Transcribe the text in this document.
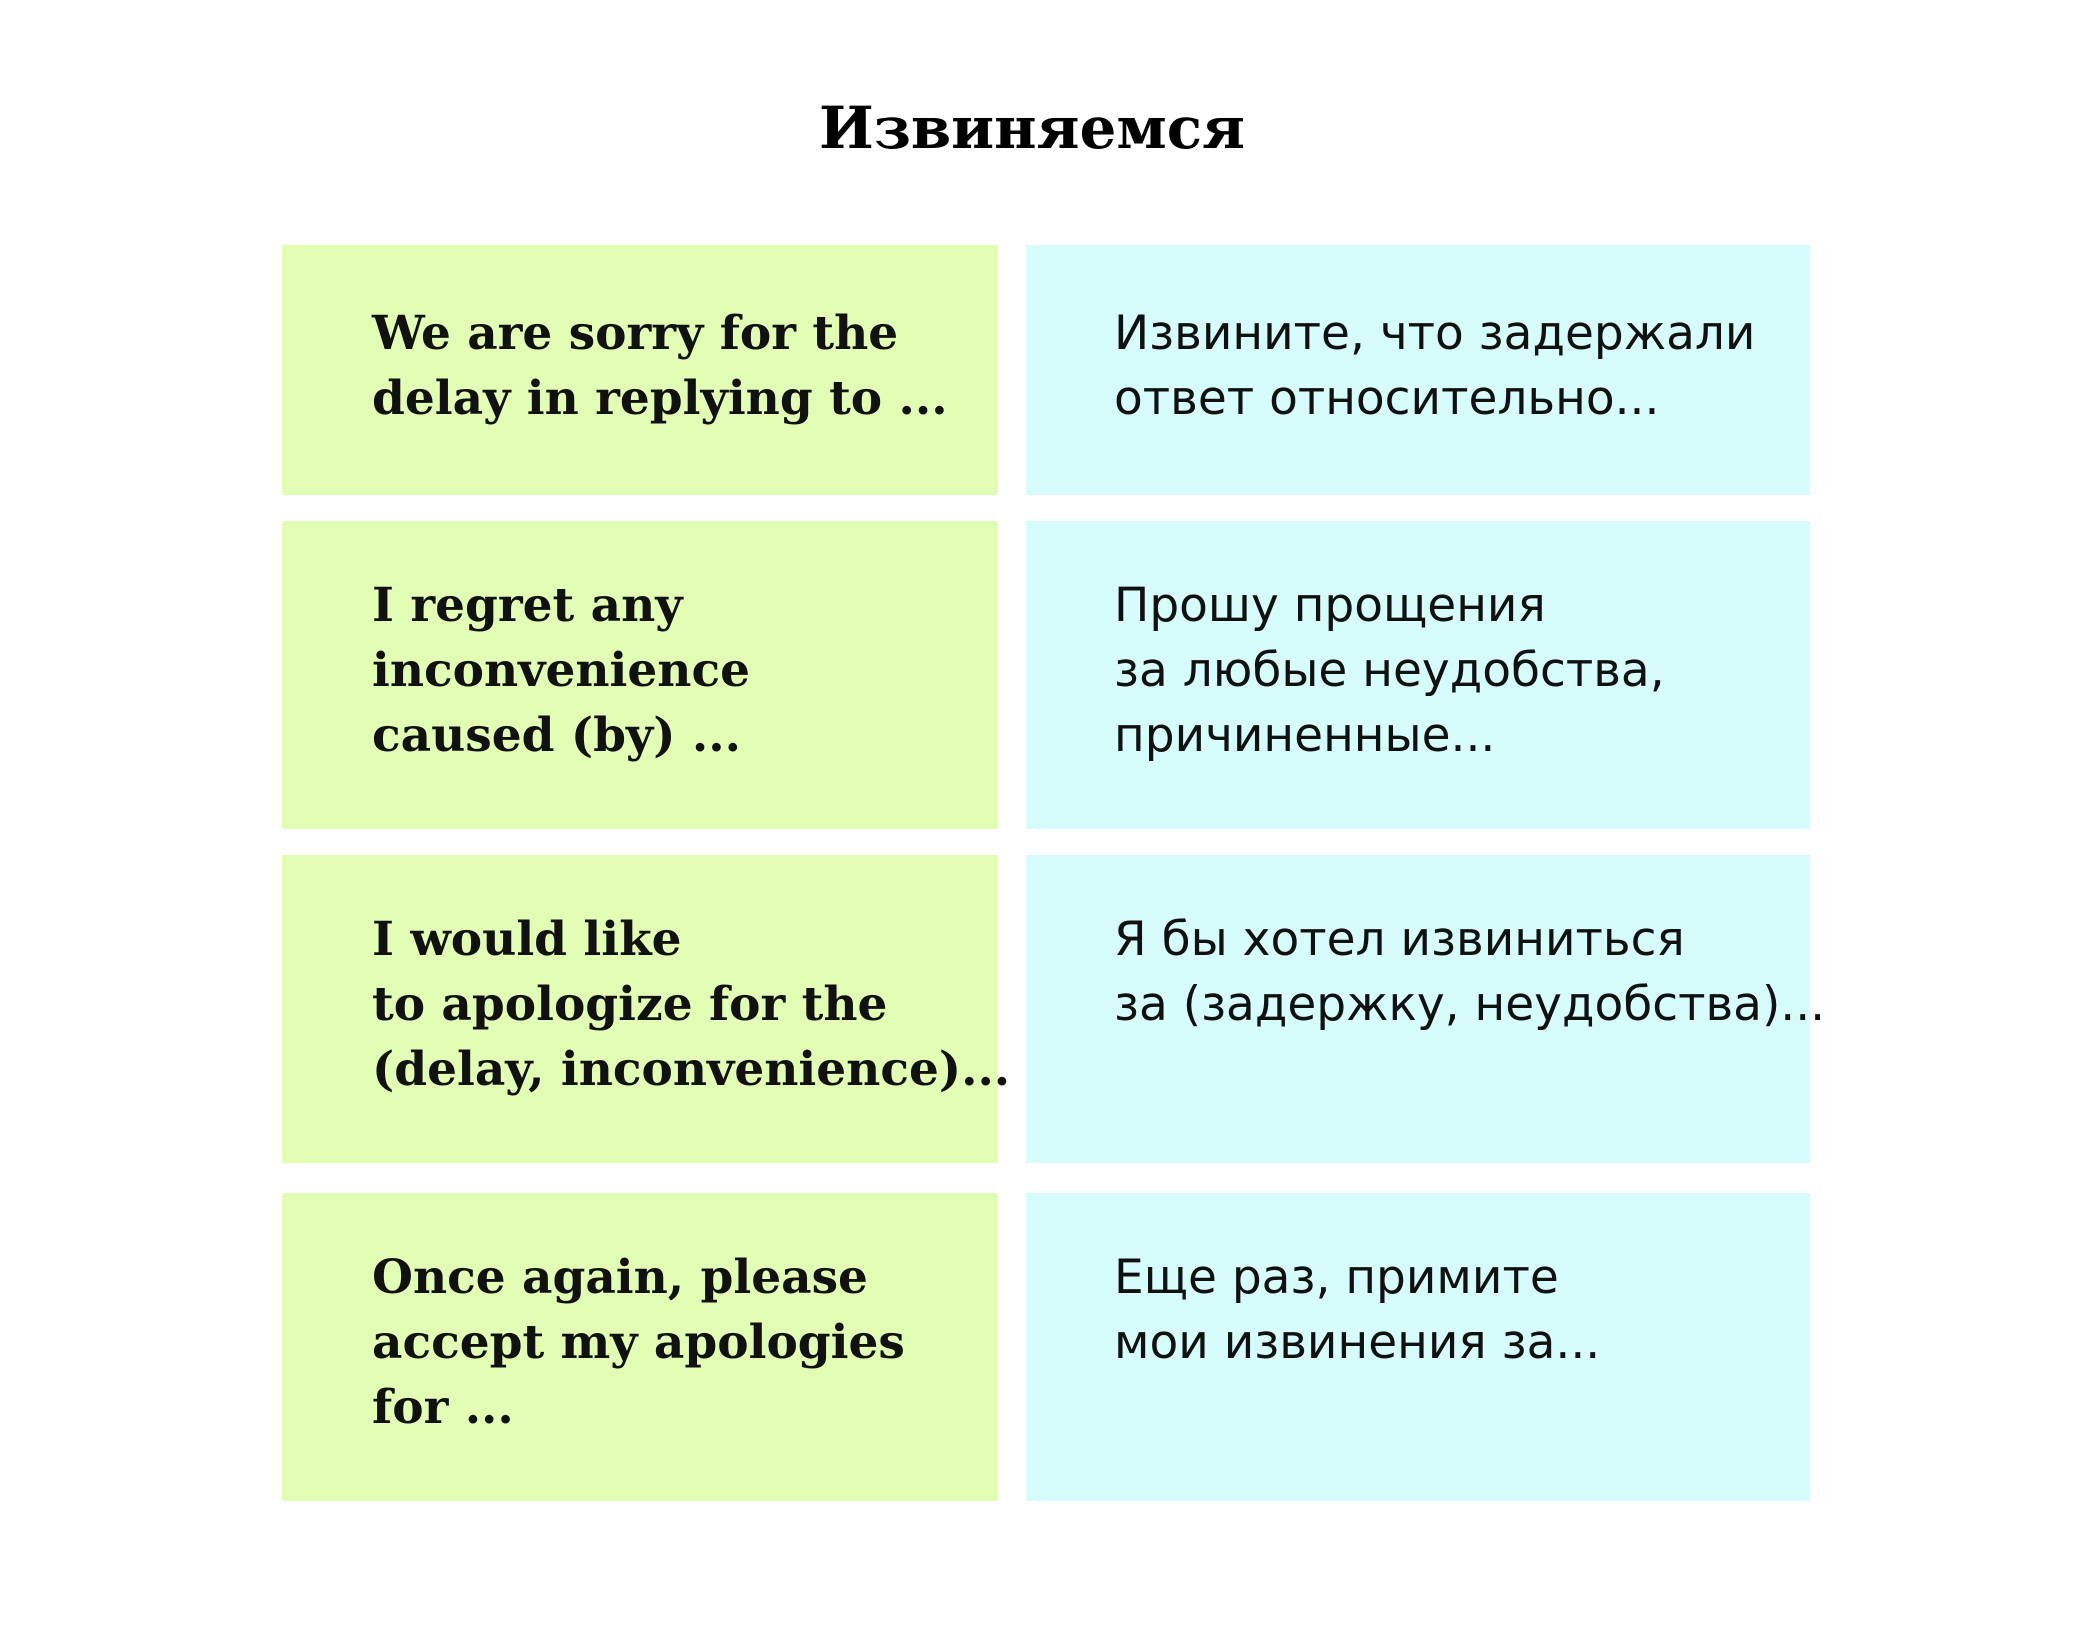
Извиняемся
We are sorry for the
delay in replying to ...
Извините, что задержали
ответ относительно...
I regret any
inconvenience
caused (by) ...
Прошу прощения
за любые неудобства,
причиненные...
I would like
to apologize for the
(delay, inconvenience)...
Я бы хотел извиниться
за (задержку, неудобства)...
Once again, please
accept my apologies
for ...
Еще раз, примите
мои извинения за...
